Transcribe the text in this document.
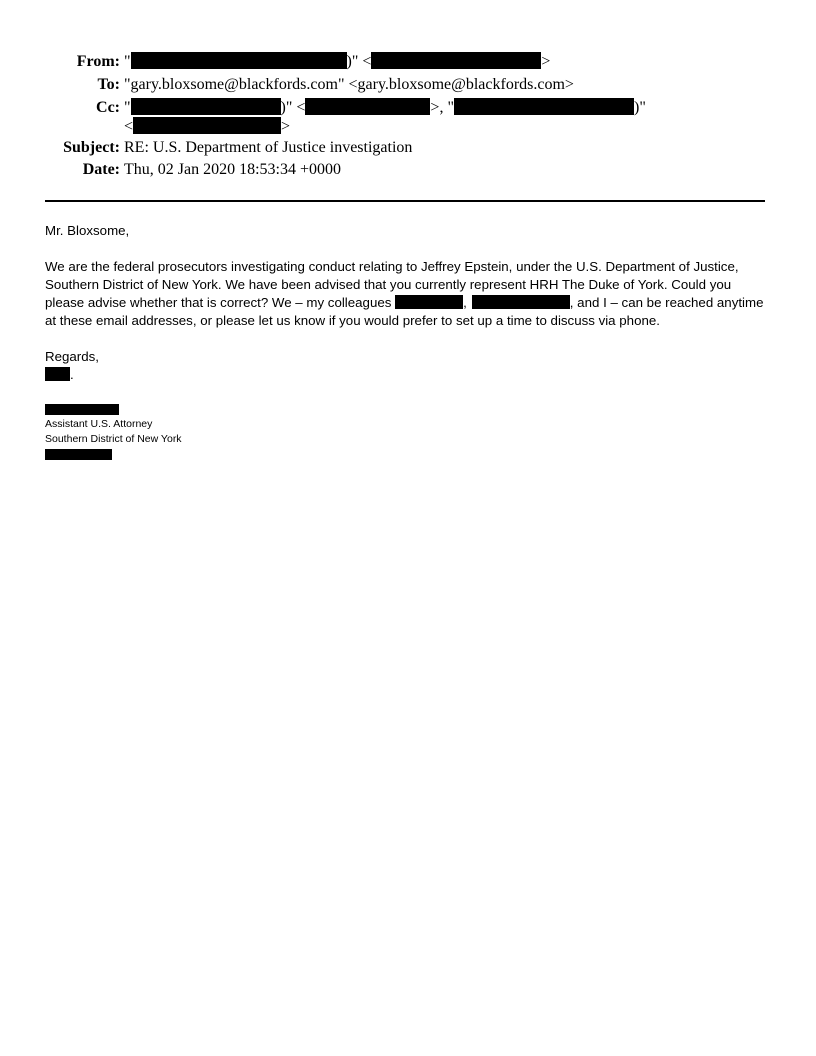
From: "	)" <	>
To: "gary.bloxsome@blackfords.com" <gary.bloxsome@blackfords.com>
Cc: "	)" <	>, "	)"
<	>
Subject: RE: U.S. Department of Justice investigation
Date: Thu, 02 Jan 2020 18:53:34 +0000
Mr. Bloxsome,
We are the federal prosecutors investigating conduct relating to Jeffrey Epstein, under the U.S. Department of Justice,
Southern District of New York. We have been advised that you currently represent HRH The Duke of York. Could you
please advise whether that is correct? We – my colleagues	,	, and I – can be reached anytime
at these email addresses, or please let us know if you would prefer to set up a time to discuss via phone.
Regards,
.
Assistant U.S. Attorney
Southern District of New York
